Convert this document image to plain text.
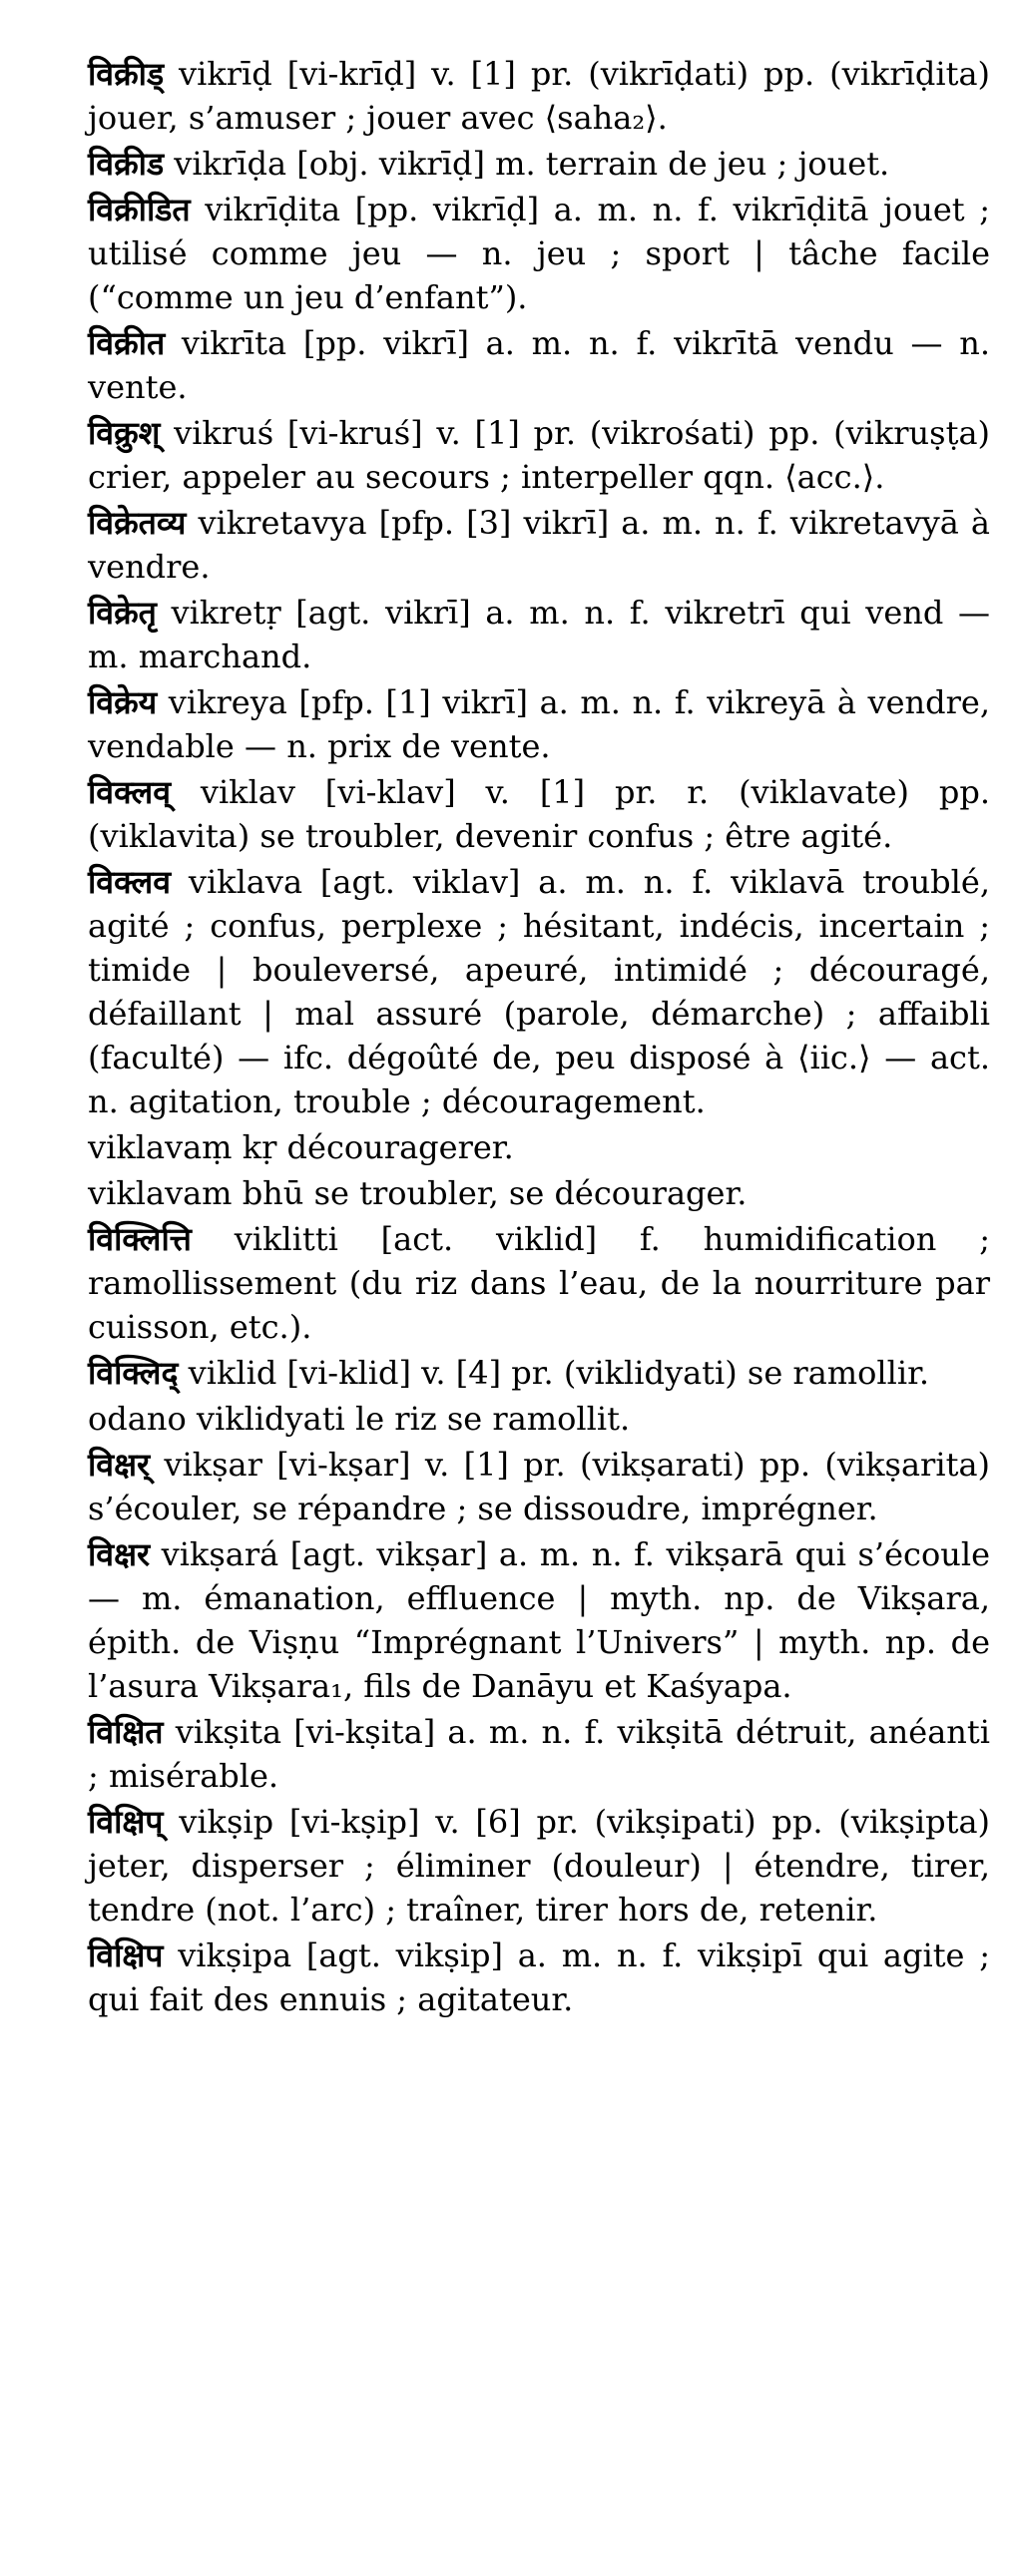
विक्रीड् vikrīḍ [vi-krīḍ] v. [1] pr. (vikrīḍati) pp. (vikrīḍita) jouer, s’amuser ; jouer avec ⟨saha₂⟩.

विक्रीड vikrīḍa [obj. vikrīḍ] m. terrain de jeu ; jouet.

विक्रीडित vikrīḍita [pp. vikrīḍ] a. m. n. f. vikrīḍitā jouet ; utilisé comme jeu — n. jeu ; sport | tâche facile (“comme un jeu d’enfant”).

विक्रीत vikrīta [pp. vikrī] a. m. n. f. vikrītā vendu — n. vente.

विक्रुश् vikruś [vi-kruś] v. [1] pr. (vikrośati) pp. (vikruṣṭa) crier, appeler au secours ; interpeller qqn. ⟨acc.⟩.

विक्रेतव्य vikretavya [pfp. [3] vikrī] a. m. n. f. vikretavyā à vendre.

विक्रेतृ vikretṛ [agt. vikrī] a. m. n. f. vikretrī qui vend — m. marchand.

विक्रेय vikreya [pfp. [1] vikrī] a. m. n. f. vikreyā à vendre, vendable — n. prix de vente.

विक्लव् viklav [vi-klav] v. [1] pr. r. (viklavate) pp. (viklavita) se troubler, devenir confus ; être agité.

विक्लव viklava [agt. viklav] a. m. n. f. viklavā troublé, agité ; confus, perplexe ; hésitant, indécis, incertain ; timide | bouleversé, apeuré, intimidé ; découragé, défaillant | mal assuré (parole, démarche) ; affaibli (faculté) — ifc. dégoûté de, peu disposé à ⟨iic.⟩ — act. n. agitation, trouble ; découragement.

viklavaṃ kṛ découragerer.

viklavam bhū se troubler, se décourager.

विक्लित्ति viklitti [act. viklid] f. humidification ; ramollissement (du riz dans l’eau, de la nourriture par cuisson, etc.).

विक्लिद् viklid [vi-klid] v. [4] pr. (viklidyati) se ramollir.

odano viklidyati le riz se ramollit.

विक्षर् vikṣar [vi-kṣar] v. [1] pr. (vikṣarati) pp. (vikṣarita) s’écouler, se répandre ; se dissoudre, imprégner.

विक्षर vikṣará [agt. vikṣar] a. m. n. f. vikṣarā qui s’écoule — m. émanation, effluence | myth. np. de Vikṣara, épith. de Viṣṇu “Imprégnant l’Univers” | myth. np. de l’asura Vikṣara₁, fils de Danāyu et Kaśyapa.

विक्षित vikṣita [vi-kṣita] a. m. n. f. vikṣitā détruit, anéanti ; misérable.

विक्षिप् vikṣip [vi-kṣip] v. [6] pr. (vikṣipati) pp. (vikṣipta) jeter, disperser ; éliminer (douleur) | étendre, tirer, tendre (not. l’arc) ; traîner, tirer hors de, retenir.

विक्षिप vikṣipa [agt. vikṣip] a. m. n. f. vikṣipī qui agite ; qui fait des ennuis ; agitateur.
